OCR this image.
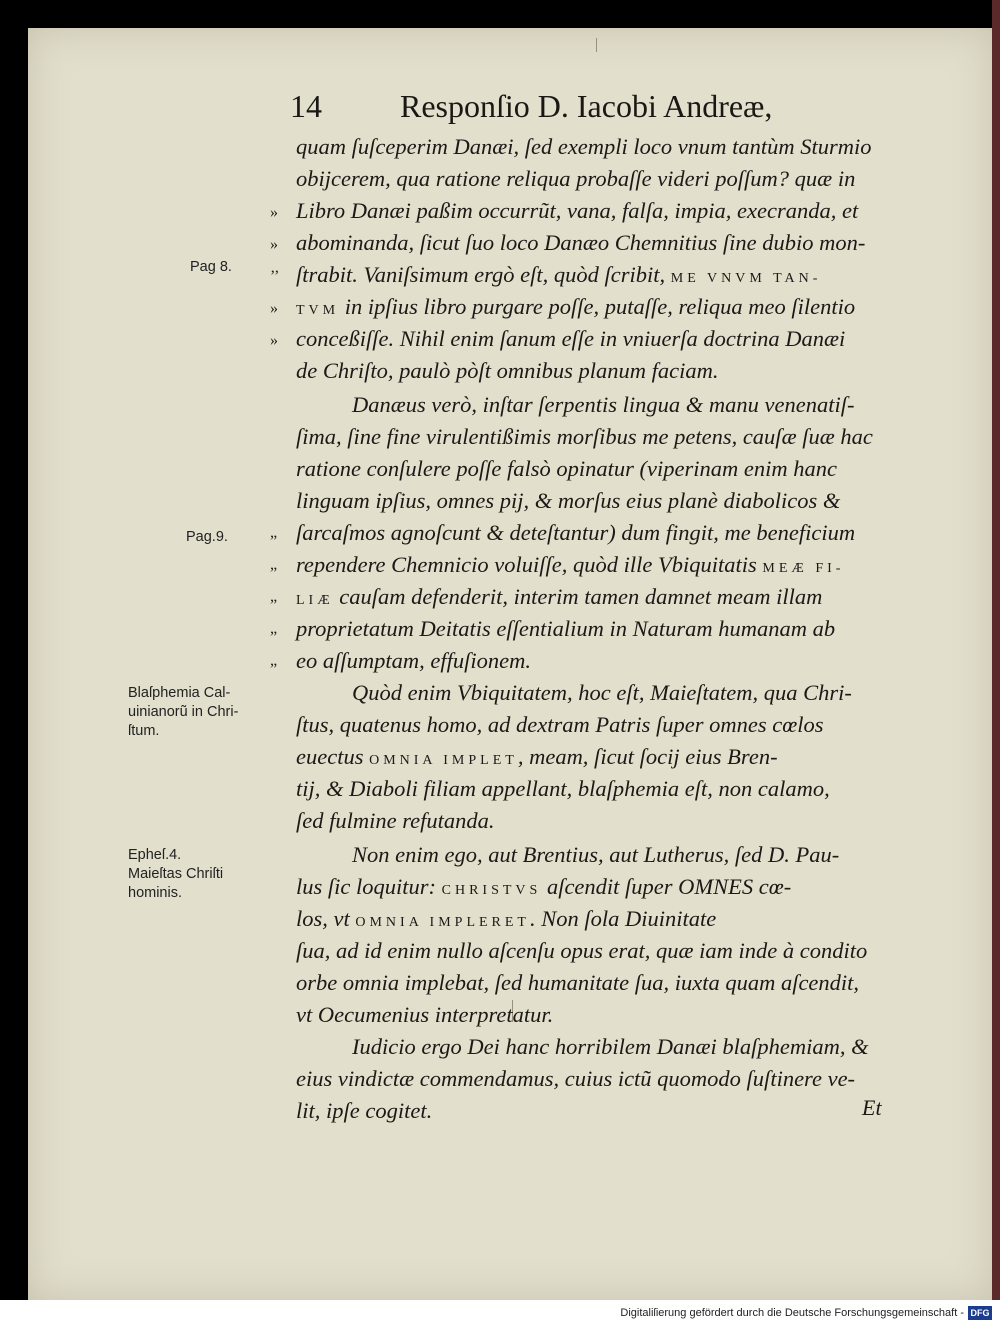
14 Responſio D. Iacobi Andreæ,
quam ſuſceperim Danæi, ſed exempli loco vnum tantùm Sturmio
obijcerem, qua ratione reliqua probaſſe videri poſſum? quæ in
Libro Danæi paßim occurrũt, vana, falſa, impia, execranda, et
abominanda, ſicut ſuo loco Danæo Chemnitius ſine dubio mon-
ſtrabit. Vaniſsimum ergò eſt, quòd ſcribit, ME VNVM TAN-
TVM in ipſius libro purgare poſſe, putaſſe, reliqua meo ſilentio
conceßiſſe. Nihil enim ſanum eſſe in vniuerſa doctrina Danæi
de Chriſto, paulò pòſt omnibus planum faciam.
Danæus verò, inſtar ſerpentis lingua & manu venenatiſ-
ſima, ſine fine virulentißimis morſibus me petens, cauſæ ſuæ hac
ratione conſulere poſſe falsò opinatur (viperinam enim hanc
linguam ipſius, omnes pij, & morſus eius planè diabolicos &
ſarcaſmos agnoſcunt & deteſtantur) dum fingit, me beneficium
rependere Chemnicio voluiſſe, quòd ille Vbiquitatis MEÆ FI-
LIÆ cauſam defenderit, interim tamen damnet meam illam
proprietatum Deitatis eſſentialium in Naturam humanam ab
eo aſſumptam, effuſionem.
Quòd enim Vbiquitatem, hoc eſt, Maieſtatem, qua Chri-
ſtus, quatenus homo, ad dextram Patris ſuper omnes cœlos
euectus OMNIA IMPLET, meam, ſicut ſocij eius Bren-
tij, & Diaboli filiam appellant, blaſphemia eſt, non calamo,
ſed fulmine refutanda.
Non enim ego, aut Brentius, aut Lutherus, ſed D. Pau-
lus ſic loquitur: CHRISTVS aſcendit ſuper OMNES cœ-
los, vt OMNIA IMPLERET. Non ſola Diuinitate
ſua, ad id enim nullo aſcenſu opus erat, quæ iam inde à condito
orbe omnia implebat, ſed humanitate ſua, iuxta quam aſcendit,
vt Oecumenius interpretatur.
Iudicio ergo Dei hanc horribilem Danæi blaſphemiam, &
eius vindictæ commendamus, cuius ictũ quomodo ſuſtinere ve-
lit, ipſe cogitet.
»
»
’’
»
»
„
„
„
„
„
Pag 8.
Pag.9.
Blaſphemia Cal-
uinianorũ in Chri-
ſtum.
Epheſ.4.
Maieſtas Chriſti
hominis.
Et
Digitaliſierung gefördert durch die Deutsche Forschungsgemeinschaft - DFG
